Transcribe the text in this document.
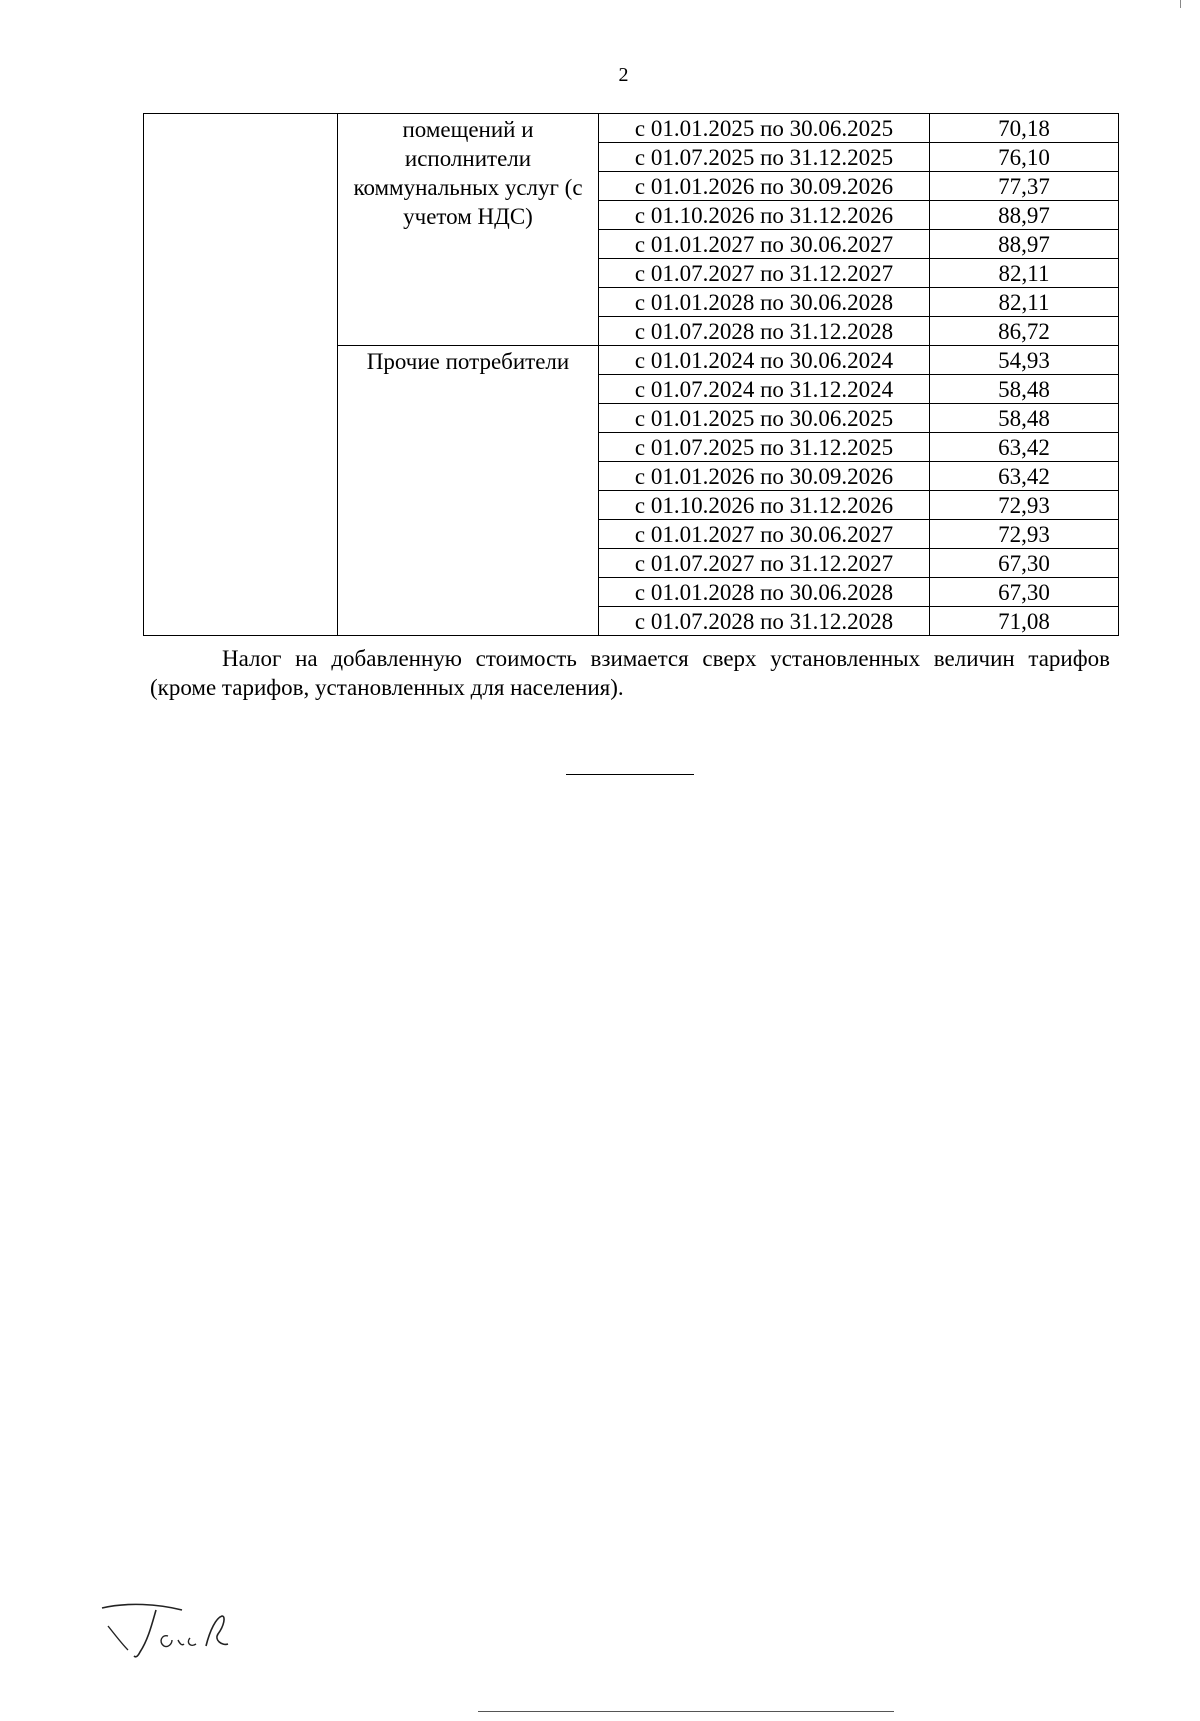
2
	помещений и исполнители коммунальных услуг (с учетом НДС)	с 01.01.2025 по 30.06.2025	70,18
		с 01.07.2025 по 31.12.2025	76,10
		с 01.01.2026 по 30.09.2026	77,37
		с 01.10.2026 по 31.12.2026	88,97
		с 01.01.2027 по 30.06.2027	88,97
		с 01.07.2027 по 31.12.2027	82,11
		с 01.01.2028 по 30.06.2028	82,11
		с 01.07.2028 по 31.12.2028	86,72
	Прочие потребители	с 01.01.2024 по 30.06.2024	54,93
		с 01.07.2024 по 31.12.2024	58,48
		с 01.01.2025 по 30.06.2025	58,48
		с 01.07.2025 по 31.12.2025	63,42
		с 01.01.2026 по 30.09.2026	63,42
		с 01.10.2026 по 31.12.2026	72,93
		с 01.01.2027 по 30.06.2027	72,93
		с 01.07.2027 по 31.12.2027	67,30
		с 01.01.2028 по 30.06.2028	67,30
		с 01.07.2028 по 31.12.2028	71,08

Налог на добавленную стоимость взимается сверх установленных величин тарифов (кроме тарифов, установленных для населения).
